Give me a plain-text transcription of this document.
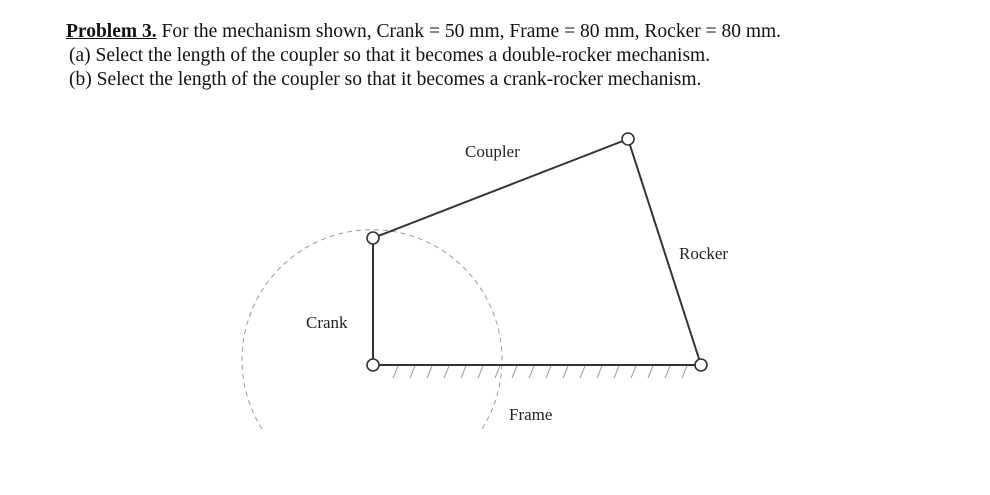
Problem 3. For the mechanism shown, Crank = 50 mm, Frame = 80 mm, Rocker = 80 mm.
(a) Select the length of the coupler so that it becomes a double-rocker mechanism.
(b) Select the length of the coupler so that it becomes a crank-rocker mechanism.
Coupler
Rocker
Crank
Frame
